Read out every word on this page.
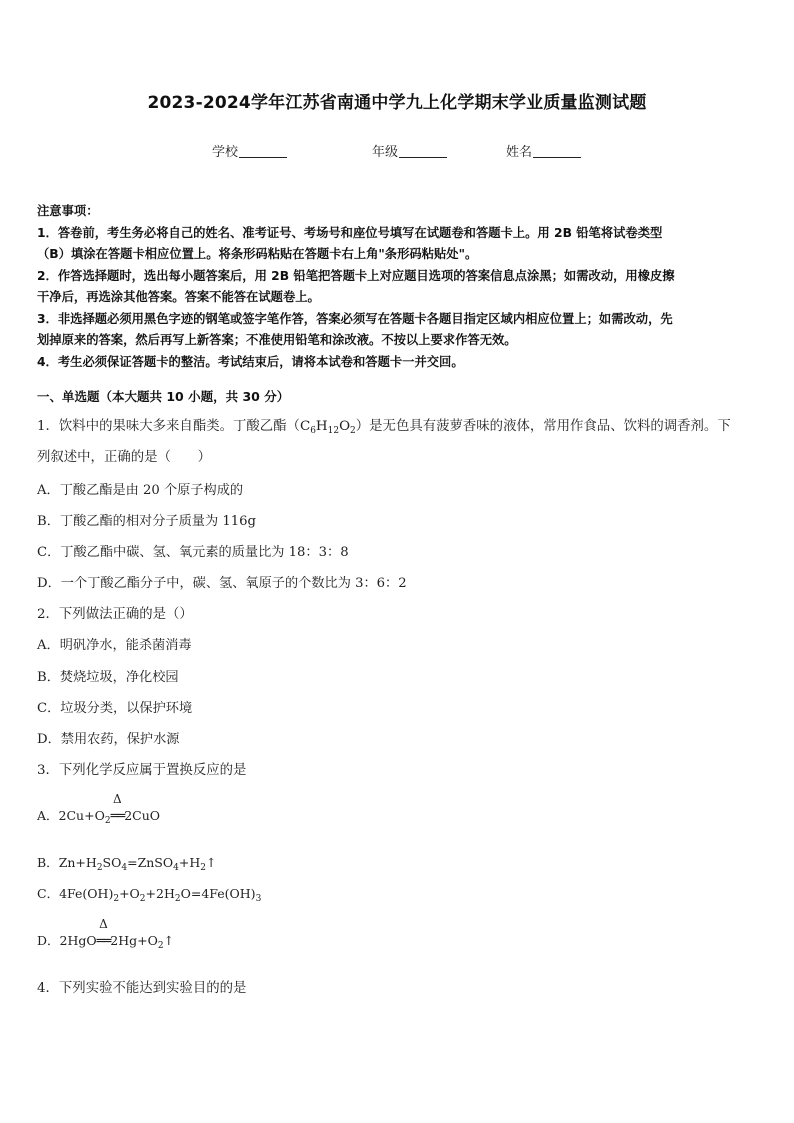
2023-2024学年江苏省南通中学九上化学期末学业质量监测试题
学校	年级	姓名

注意事项：

1．答卷前，考生务必将自己的姓名、准考证号、考场号和座位号填写在试题卷和答题卡上。用 2B 铅笔将试卷类型

（B）填涂在答题卡相应位置上。将条形码粘贴在答题卡右上角"条形码粘贴处"。

2．作答选择题时，选出每小题答案后，用 2B 铅笔把答题卡上对应题目选项的答案信息点涂黑；如需改动，用橡皮擦

干净后，再选涂其他答案。答案不能答在试题卷上。

3．非选择题必须用黑色字迹的钢笔或签字笔作答，答案必须写在答题卡各题目指定区域内相应位置上；如需改动，先

划掉原来的答案，然后再写上新答案；不准使用铅笔和涂改液。不按以上要求作答无效。

4．考生必须保证答题卡的整洁。考试结束后，请将本试卷和答题卡一并交回。

一、单选题（本大题共 10 小题，共 30 分）
1．饮料中的果味大多来自酯类。丁酸乙酯$(C_6H_{12}O_2)$是无色具有菠萝香味的液体，常用作食品、饮料的调香剂。下
列叙述中，正确的是（　　）
A．丁酸乙酯是由 20 个原子构成的
B．丁酸乙酯的相对分子质量为 116g
C．丁酸乙酯中碳、氢、氧元素的质量比为 18：3：8
D．一个丁酸乙酯分子中，碳、氢、氧原子的个数比为 3：6：2
2．下列做法正确的是（）
A．明矾净水，能杀菌消毒
B．焚烧垃圾，净化校园
C．垃圾分类，以保护环境
D．禁用农药，保护水源
3．下列化学反应属于置换反应的是
A．$2Cu+O_2$
Δ
══2CuO
B．$Zn+H_2SO_4=ZnSO_4+H_2↑$
C．$4Fe(OH)_2+O_2+2H_2O=4Fe(OH)_3$
D．2HgO
Δ
$══2Hg+O_2↑$
4．下列实验不能达到实验目的的是
